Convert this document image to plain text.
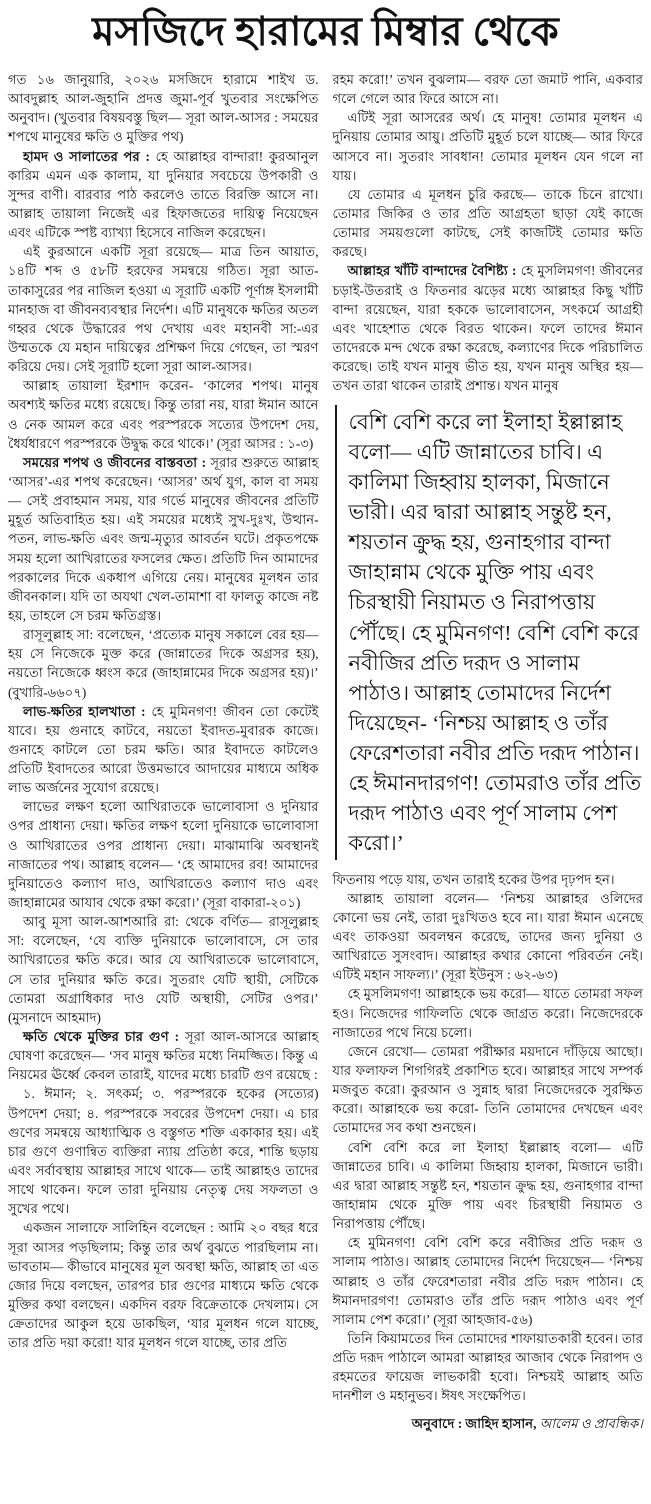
মসজিদে হারামের মিম্বার থেকে

গত ১৬ জানুয়ারি, ২০২৬ মসজিদে হারামে শাইখ ড. আবদুল্লাহ আল-জুহানি প্রদত্ত জুমা-পূর্ব খুতবার সংক্ষেপিত অনুবাদ। (খুতবার বিষয়বস্তু ছিল— সূরা আল-আসর : সময়ের শপথে মানুষের ক্ষতি ও মুক্তির পথ)

হামদ ও সালাতের পর : হে আল্লাহর বান্দারা! কুরআনুল কারিম এমন এক কালাম, যা দুনিয়ার সবচেয়ে উপকারী ও সুন্দর বাণী। বারবার পাঠ করলেও তাতে বিরক্তি আসে না। আল্লাহ তায়ালা নিজেই এর হিফাজতের দায়িত্ব নিয়েছেন এবং এটিকে স্পষ্ট ব্যাখ্যা হিসেবে নাজিল করেছেন।

এই কুরআনে একটি সূরা রয়েছে— মাত্র তিন আয়াত, ১৪টি শব্দ ও ৫৮টি হরফের সমন্বয়ে গঠিত। সূরা আত-তাকাসুরের পর নাজিল হওয়া এ সূরাটি একটি পূর্ণাঙ্গ ইসলামী মানহাজ বা জীবনব্যবস্থার নির্দেশ। এটি মানুষকে ক্ষতির অতল গহ্বর থেকে উদ্ধারের পথ দেখায় এবং মহানবী সা:-এর উম্মতকে যে মহান দায়িত্বের প্রশিক্ষণ দিয়ে গেছেন, তা স্মরণ করিয়ে দেয়। সেই সূরাটি হলো সূরা আল-আসর।

আল্লাহ তায়ালা ইরশাদ করেন- ‘কালের শপথ। মানুষ অবশ্যই ক্ষতির মধ্যে রয়েছে। কিন্তু তারা নয়, যারা ঈমান আনে ও নেক আমল করে এবং পরস্পরকে সত্যের উপদেশ দেয়, ধৈর্যধারণে পরস্পরকে উদ্বুদ্ধ করে থাকে।’ (সূরা আসর : ১-৩)

সময়ের শপথ ও জীবনের বাস্তবতা : সূরার শুরুতে আল্লাহ ‘আসর’-এর শপথ করেছেন। ‘আসর’ অর্থ যুগ, কাল বা সময়— সেই প্রবাহমান সময়, যার গর্ভে মানুষের জীবনের প্রতিটি মুহূর্ত অতিবাহিত হয়। এই সময়ের মধ্যেই সুখ-দুঃখ, উত্থান-পতন, লাভ-ক্ষতি এবং জন্ম-মৃত্যুর আবর্তন ঘটে। প্রকৃতপক্ষে সময় হলো আখিরাতের ফসলের ক্ষেত। প্রতিটি দিন আমাদের পরকালের দিকে একধাপ এগিয়ে নেয়। মানুষের মূলধন তার জীবনকাল। যদি তা অযথা খেল-তামাশা বা ফালতু কাজে নষ্ট হয়, তাহলে সে চরম ক্ষতিগ্রস্ত।

রাসূলুল্লাহ সা: বলেছেন, ‘প্রত্যেক মানুষ সকালে বের হয়— হয় সে নিজেকে মুক্ত করে (জান্নাতের দিকে অগ্রসর হয়), নয়তো নিজেকে ধ্বংস করে (জাহান্নামের দিকে অগ্রসর হয়)।’ (বুখারি-৬৬০৭)

লাভ-ক্ষতির হালখাতা : হে মুমিনগণ! জীবন তো কেটেই যাবে। হয় গুনাহে কাটবে, নয়তো ইবাদত-মুবারক কাজে। গুনাহে কাটলে তো চরম ক্ষতি। আর ইবাদতে কাটলেও প্রতিটি ইবাদতের আরো উত্তমভাবে আদায়ের মাধ্যমে অধিক লাভ অর্জনের সুযোগ রয়েছে।

লাভের লক্ষণ হলো আখিরাতকে ভালোবাসা ও দুনিয়ার ওপর প্রাধান্য দেয়া। ক্ষতির লক্ষণ হলো দুনিয়াকে ভালোবাসা ও আখিরাতের ওপর প্রাধান্য দেয়া। মাঝামাঝি অবস্থানই নাজাতের পথ। আল্লাহ বলেন— ‘হে আমাদের রব! আমাদের দুনিয়াতেও কল্যাণ দাও, আখিরাতেও কল্যাণ দাও এবং জাহান্নামের আযাব থেকে রক্ষা করো।’ (সূরা বাকারা-২০১)

আবু মূসা আল-আশআরি রা: থেকে বর্ণিত— রাসূলুল্লাহ সা: বলেছেন, ‘যে ব্যক্তি দুনিয়াকে ভালোবাসে, সে তার আখিরাতের ক্ষতি করে। আর যে আখিরাতকে ভালোবাসে, সে তার দুনিয়ার ক্ষতি করে। সুতরাং যেটি স্থায়ী, সেটিকে তোমরা অগ্রাধিকার দাও যেটি অস্থায়ী, সেটির ওপর।’ (মুসনাদে আহমাদ)

ক্ষতি থেকে মুক্তির চার গুণ : সূরা আল-আসরে আল্লাহ ঘোষণা করেছেন— ‘সব মানুষ ক্ষতির মধ্যে নিমজ্জিত। কিন্তু এ নিয়মের ঊর্ধ্বে কেবল তারাই, যাদের মধ্যে চারটি গুণ রয়েছে :

১. ঈমান; ২. সৎকর্ম; ৩. পরস্পরকে হকের (সত্যের) উপদেশ দেয়া; ৪. পরস্পরকে সবরের উপদেশ দেয়া। এ চার গুণের সমন্বয়ে আধ্যাত্মিক ও বস্তুগত শক্তি একাকার হয়। এই চার গুণে গুণান্বিত ব্যক্তিরা ন্যায় প্রতিষ্ঠা করে, শান্তি ছড়ায় এবং সর্বাবস্থায় আল্লাহর সাথে থাকে— তাই আল্লাহও তাদের সাথে থাকেন। ফলে তারা দুনিয়ায় নেতৃত্ব দেয় সফলতা ও সুখের পথে।

একজন সালাফে সালিহিন বলেছেন : আমি ২০ বছর ধরে সূরা আসর পড়ছিলাম; কিন্তু তার অর্থ বুঝতে পারছিলাম না। ভাবতাম— কীভাবে মানুষের মূল অবস্থা ক্ষতি, আল্লাহ তা এত জোর দিয়ে বলছেন, তারপর চার গুণের মাধ্যমে ক্ষতি থেকে মুক্তির কথা বলছেন। একদিন বরফ বিক্রেতাকে দেখলাম। সে ক্রেতাদের আকুল হয়ে ডাকছিল, ‘যার মূলধন গলে যাচ্ছে, তার প্রতি দয়া করো! যার মূলধন গলে যাচ্ছে, তার প্রতি

রহম করো!’ তখন বুঝলাম— বরফ তো জমাট পানি, একবার গলে গেলে আর ফিরে আসে না।

এটিই সূরা আসরের অর্থ। হে মানুষ! তোমার মূলধন এ দুনিয়ায় তোমার আয়ু। প্রতিটি মুহূর্ত চলে যাচ্ছে— আর ফিরে আসবে না। সুতরাং সাবধান! তোমার মূলধন যেন গলে না যায়।

যে তোমার এ মূলধন চুরি করছে— তাকে চিনে রাখো। তোমার জিকির ও তার প্রতি আগ্রহতা ছাড়া যেই কাজে তোমার সময়গুলো কাটছে, সেই কাজটিই তোমার ক্ষতি করছে।

আল্লাহর খাঁটি বান্দাদের বৈশিষ্ট্য : হে মুসলিমগণ! জীবনের চড়াই-উতরাই ও ফিতনার ঝড়ের মধ্যে আল্লাহর কিছু খাঁটি বান্দা রয়েছেন, যারা হককে ভালোবাসেন, সৎকর্মে আগ্রহী এবং খাহেশাত থেকে বিরত থাকেন। ফলে তাদের ঈমান তাদেরকে মন্দ থেকে রক্ষা করেছে, কল্যাণের দিকে পরিচালিত করেছে। তাই যখন মানুষ ভীত হয়, যখন মানুষ অস্থির হয়— তখন তারা থাকেন তারাই প্রশান্ত। যখন মানুষ

বেশি বেশি করে লা ইলাহা ইল্লাল্লাহ বলো— এটি জান্নাতের চাবি। এ কালিমা জিহ্বায় হালকা, মিজানে ভারী। এর দ্বারা আল্লাহ সন্তুষ্ট হন, শয়তান ক্রুদ্ধ হয়, গুনাহগার বান্দা জাহান্নাম থেকে মুক্তি পায় এবং চিরস্থায়ী নিয়ামত ও নিরাপত্তায় পৌঁছে। হে মুমিনগণ! বেশি বেশি করে নবীজির প্রতি দরূদ ও সালাম পাঠাও। আল্লাহ তোমাদের নির্দেশ দিয়েছেন- ‘নিশ্চয় আল্লাহ ও তাঁর ফেরেশতারা নবীর প্রতি দরূদ পাঠান। হে ঈমানদারগণ! তোমরাও তাঁর প্রতি দরূদ পাঠাও এবং পূর্ণ সালাম পেশ করো।’

ফিতনায় পড়ে যায়, তখন তারাই হকের উপর দৃঢ়পদ হন।

আল্লাহ তায়ালা বলেন— ‘নিশ্চয় আল্লাহর ওলিদের কোনো ভয় নেই, তারা দুঃখিতও হবে না। যারা ঈমান এনেছে এবং তাকওয়া অবলম্বন করেছে, তাদের জন্য দুনিয়া ও আখিরাতে সুসংবাদ। আল্লাহর কথার কোনো পরিবর্তন নেই। এটিই মহান সাফল্য।’ (সূরা ইউনুস : ৬২-৬৩)

হে মুসলিমগণ! আল্লাহকে ভয় করো— যাতে তোমরা সফল হও। নিজেদের গাফিলতি থেকে জাগ্রত করো। নিজেদেরকে নাজাতের পথে নিয়ে চলো।

জেনে রেখো— তোমরা পরীক্ষার ময়দানে দাঁড়িয়ে আছো। যার ফলাফল শিগগিরই প্রকাশিত হবে। আল্লাহর সাথে সম্পর্ক মজবুত করো। কুরআন ও সুন্নাহ দ্বারা নিজেদেরকে সুরক্ষিত করো। আল্লাহকে ভয় করো- তিনি তোমাদের দেখছেন এবং তোমাদের সব কথা শুনছেন।

বেশি বেশি করে লা ইলাহা ইল্লাল্লাহ বলো— এটি জান্নাতের চাবি। এ কালিমা জিহ্বায় হালকা, মিজানে ভারী। এর দ্বারা আল্লাহ সন্তুষ্ট হন, শয়তান ক্রুদ্ধ হয়, গুনাহগার বান্দা জাহান্নাম থেকে মুক্তি পায় এবং চিরস্থায়ী নিয়ামত ও নিরাপত্তায় পৌঁছে।

হে মুমিনগণ! বেশি বেশি করে নবীজির প্রতি দরূদ ও সালাম পাঠাও। আল্লাহ তোমাদের নির্দেশ দিয়েছেন— ‘নিশ্চয় আল্লাহ ও তাঁর ফেরেশতারা নবীর প্রতি দরূদ পাঠান। হে ঈমানদারগণ! তোমরাও তাঁর প্রতি দরূদ পাঠাও এবং পূর্ণ সালাম পেশ করো।’ (সূরা আহজাব-৫৬)

তিনি কিয়ামতের দিন তোমাদের শাফায়াতকারী হবেন। তার প্রতি দরূদ পাঠালে আমরা আল্লাহর আজাব থেকে নিরাপদ ও রহমতের ফায়েজ লাভকারী হবো। নিশ্চয়ই আল্লাহ অতি দানশীল ও মহানুভব। ঈষৎ সংক্ষেপিত।

অনুবাদে : জাহিদ হাসান, আলেম ও প্রাবন্ধিক।
